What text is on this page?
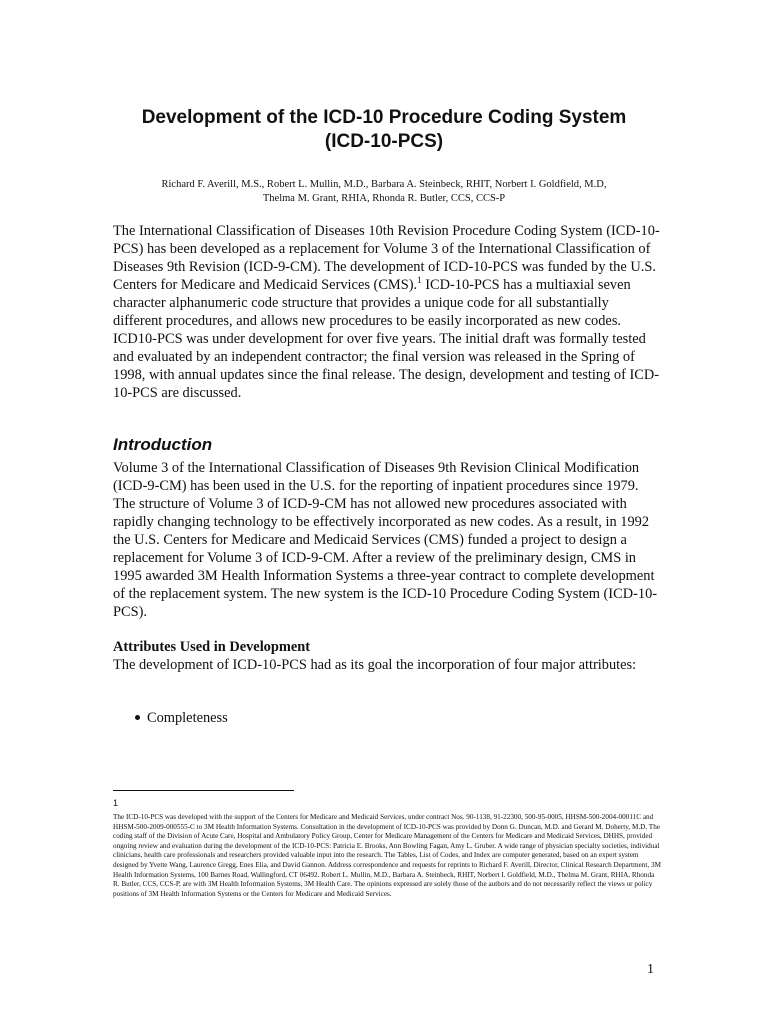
Development of the ICD-10 Procedure Coding System
(ICD-10-PCS)
Richard F. Averill, M.S., Robert L. Mullin, M.D., Barbara A. Steinbeck, RHIT, Norbert I. Goldfield, M.D,
Thelma M. Grant, RHIA, Rhonda R. Butler, CCS, CCS-P

The International Classification of Diseases 10th Revision Procedure Coding System (ICD-10-PCS) has been developed as a replacement for Volume 3 of the International Classification of Diseases 9th Revision (ICD-9-CM). The development of ICD-10-PCS was funded by the U.S. Centers for Medicare and Medicaid Services (CMS).$^1$ ICD-10-PCS has a multiaxial seven character alphanumeric code structure that provides a unique code for all substantially different procedures, and allows new procedures to be easily incorporated as new codes. ICD10-PCS was under development for over five years. The initial draft was formally tested and evaluated by an independent contractor; the final version was released in the Spring of 1998, with annual updates since the final release. The design, development and testing of ICD-10-PCS are discussed.

Introduction

Volume 3 of the International Classification of Diseases 9th Revision Clinical Modification (ICD-9-CM) has been used in the U.S. for the reporting of inpatient procedures since 1979. The structure of Volume 3 of ICD-9-CM has not allowed new procedures associated with rapidly changing technology to be effectively incorporated as new codes. As a result, in 1992 the U.S. Centers for Medicare and Medicaid Services (CMS) funded a project to design a replacement for Volume 3 of ICD-9-CM. After a review of the preliminary design, CMS in 1995 awarded 3M Health Information Systems a three-year contract to complete development of the replacement system. The new system is the ICD-10 Procedure Coding System (ICD-10-PCS).

Attributes Used in Development
The development of ICD-10-PCS had as its goal the incorporation of four major attributes:
Completeness
1
The ICD-10-PCS was developed with the support of the Centers for Medicare and Medicaid Services, under contract Nos. 90-1138, 91-22300, 500-95-0005, HHSM-500-2004-00011C and HHSM-500-2009-000555-C to 3M Health Information Systems. Consultation in the development of ICD-10-PCS was provided by Donn G. Duncan, M.D. and Gerard M. Doherty, M.D. The coding staff of the Division of Acute Care, Hospital and Ambulatory Policy Group, Center for Medicare Management of the Centers for Medicare and Medicaid Services, DHHS, provided ongoing review and evaluation during the development of the ICD-10-PCS: Patricia E. Brooks, Ann Bowling Fagan, Amy L. Gruber. A wide range of physician specialty societies, individual clinicians, health care professionals and researchers provided valuable input into the research. The Tables, List of Codes, and Index are computer generated, based on an expert system designed by Yvette Wang, Laurence Gregg, Enes Elia, and David Gannon. Address correspondence and requests for reprints to Richard F. Averill, Director, Clinical Research Department, 3M Health Information Systems, 100 Barnes Road, Wallingford, CT 06492. Robert L. Mullin, M.D., Barbara A. Steinbeck, RHIT, Norbert I. Goldfield, M.D., Thelma M. Grant, RHIA, Rhonda R. Butler, CCS, CCS-P, are with 3M Health Information Systems, 3M Health Care. The opinions expressed are solely those of the authors and do not necessarily reflect the views or policy positions of 3M Health Information Systems or the Centers for Medicare and Medicaid Services.
1
